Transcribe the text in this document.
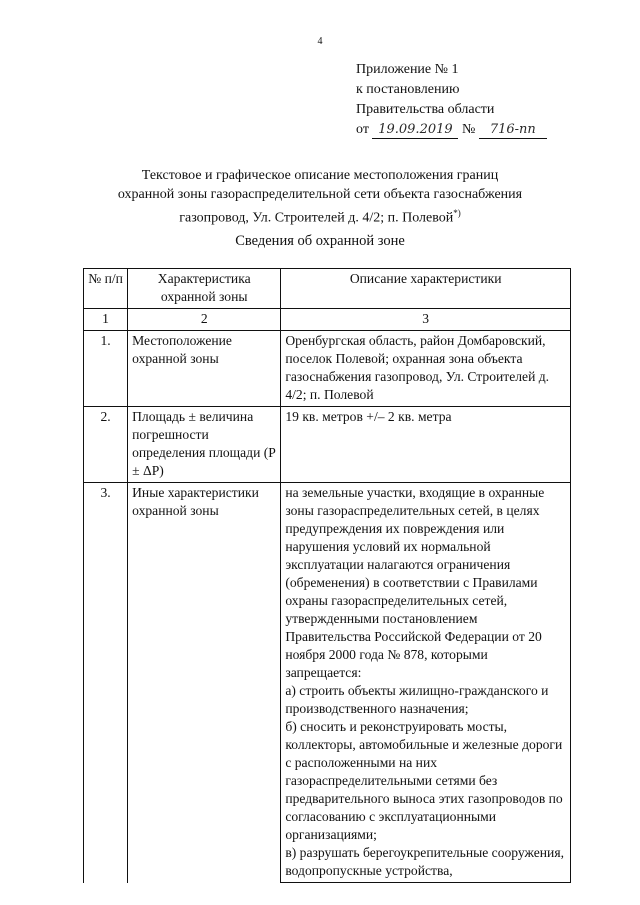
4
Приложение № 1
к постановлению
Правительства области
от 19.09.2019 № 716-пп
Текстовое и графическое описание местоположения границ
охранной зоны газораспределительной сети объекта газоснабжения
газопровод, Ул. Строителей д. 4/2; п. Полевой*)
Сведения об охранной зоне
№ п/п	Характеристика охранной зоны	Описание характеристики
1	2	3
1.	Местоположение охранной зоны	Оренбургская область, район Домбаровский, поселок Полевой; охранная зона объекта газоснабжения газопровод, Ул. Строителей д. 4/2; п. Полевой
2.	Площадь ± величина погрешности определения площади (P ± ΔP)	19 кв. метров +/– 2 кв. метра
3.	Иные характеристики охранной зоны	на земельные участки, входящие в охранные зоны газораспределительных сетей, в целях предупреждения их повреждения или нарушения условий их нормальной эксплуатации налагаются ограничения (обременения) в соответствии с Правилами охраны газораспределительных сетей, утвержденными постановлением Правительства Российской Федерации от 20 ноября 2000 года № 878, которыми запрещается:
а) строить объекты жилищно-гражданского и производственного назначения;
б) сносить и реконструировать мосты, коллекторы, автомобильные и железные дороги с расположенными на них газораспределительными сетями без предварительного выноса этих газопроводов по согласованию с эксплуатационными организациями;
в) разрушать берегоукрепительные сооружения, водопропускные устройства,
